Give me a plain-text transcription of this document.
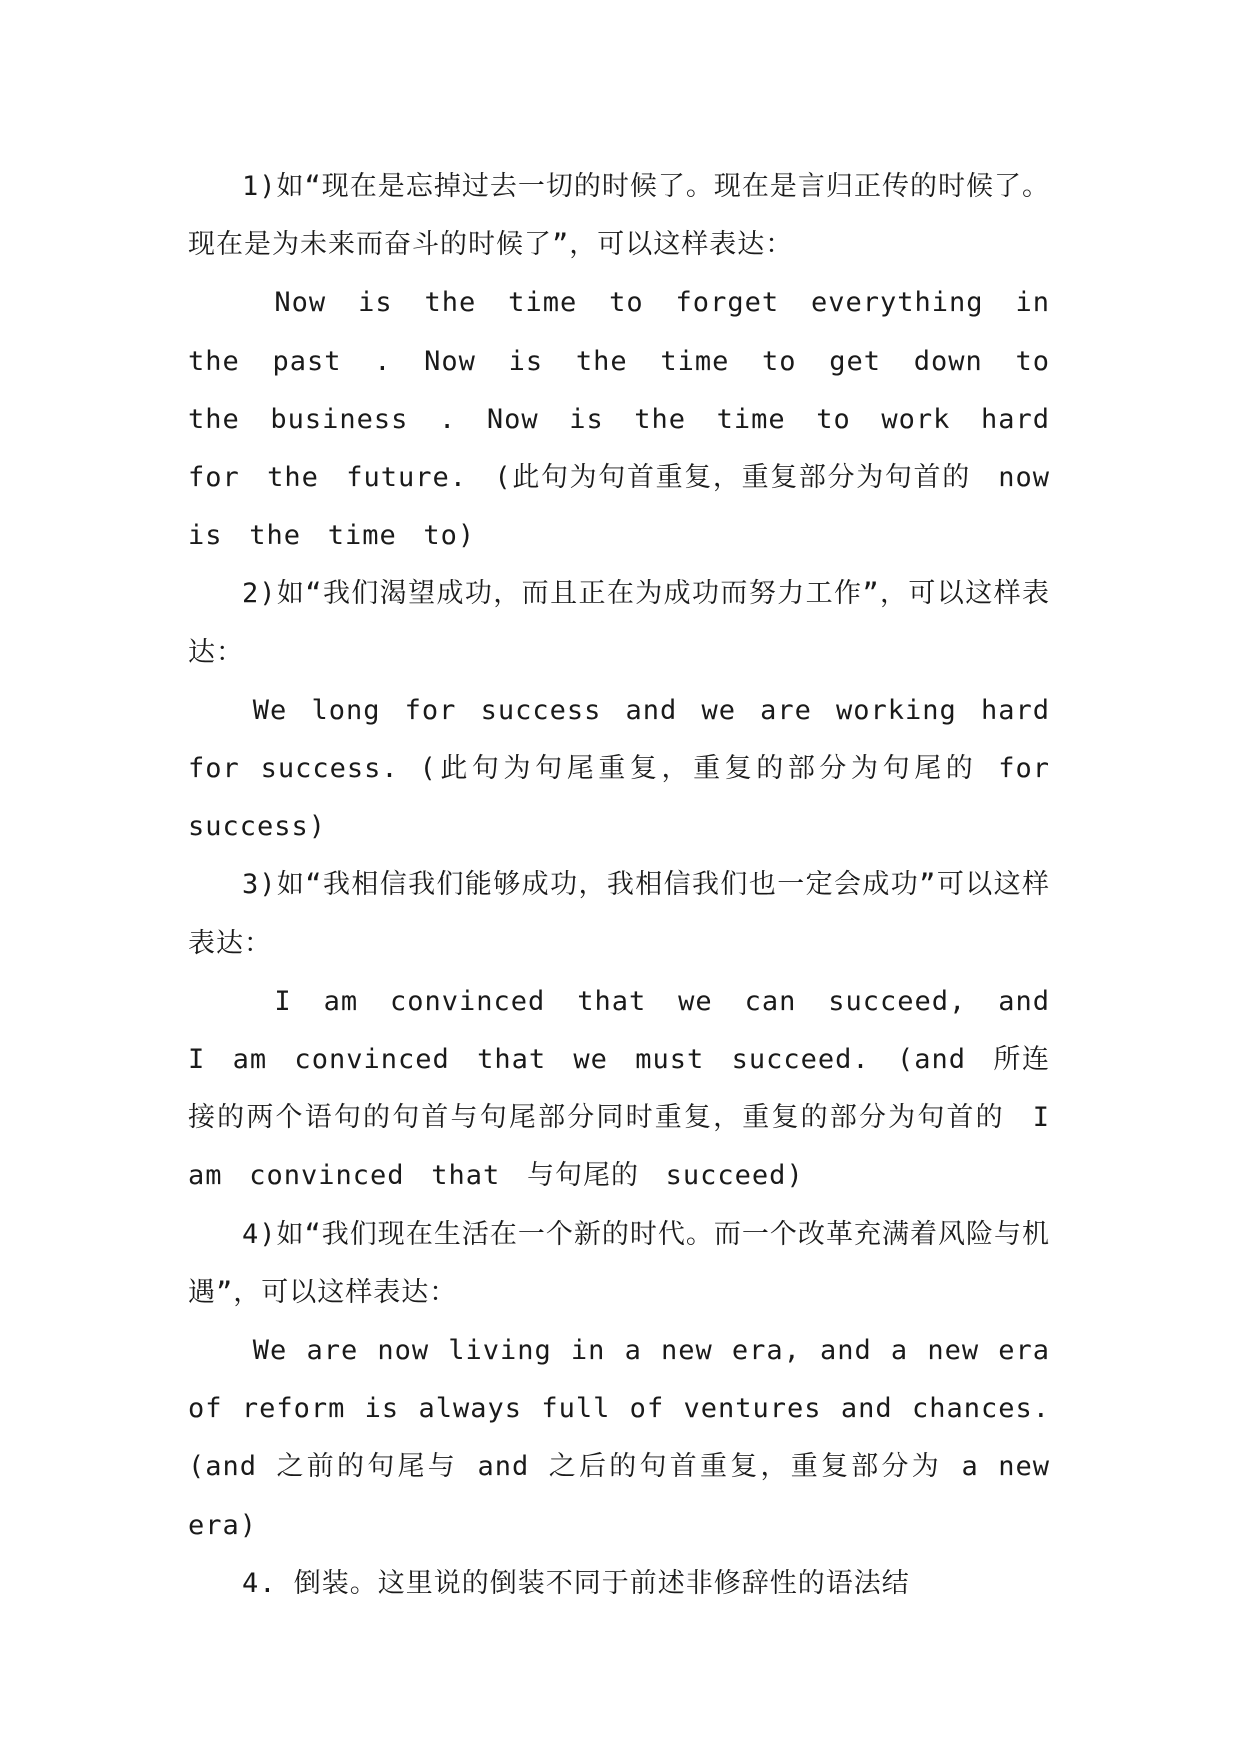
1)如“现在是忘掉过去一切的时候了。现在是言归正传的时候了。现在是为未来而奋斗的时候了”，可以这样表达：

Now is the time to forget everything in the past . Now is the time to get down to the business . Now is the time to work hard for the future. (此句为句首重复，重复部分为句首的 now is the time to)

2)如“我们渴望成功，而且正在为成功而努力工作”，可以这样表达：

We long for success and we are working hard for success. (此句为句尾重复，重复的部分为句尾的 for success)

3)如“我相信我们能够成功，我相信我们也一定会成功”可以这样表达：

I am convinced that we can succeed, and I am convinced that we must succeed. (and 所连接的两个语句的句首与句尾部分同时重复，重复的部分为句首的 I am convinced that 与句尾的 succeed)

4)如“我们现在生活在一个新的时代。而一个改革充满着风险与机遇”，可以这样表达：

We are now living in a new era, and a new era of reform is always full of ventures and chances. (and 之前的句尾与 and 之后的句首重复，重复部分为 a new era)

4. 倒装。这里说的倒装不同于前述非修辞性的语法结
